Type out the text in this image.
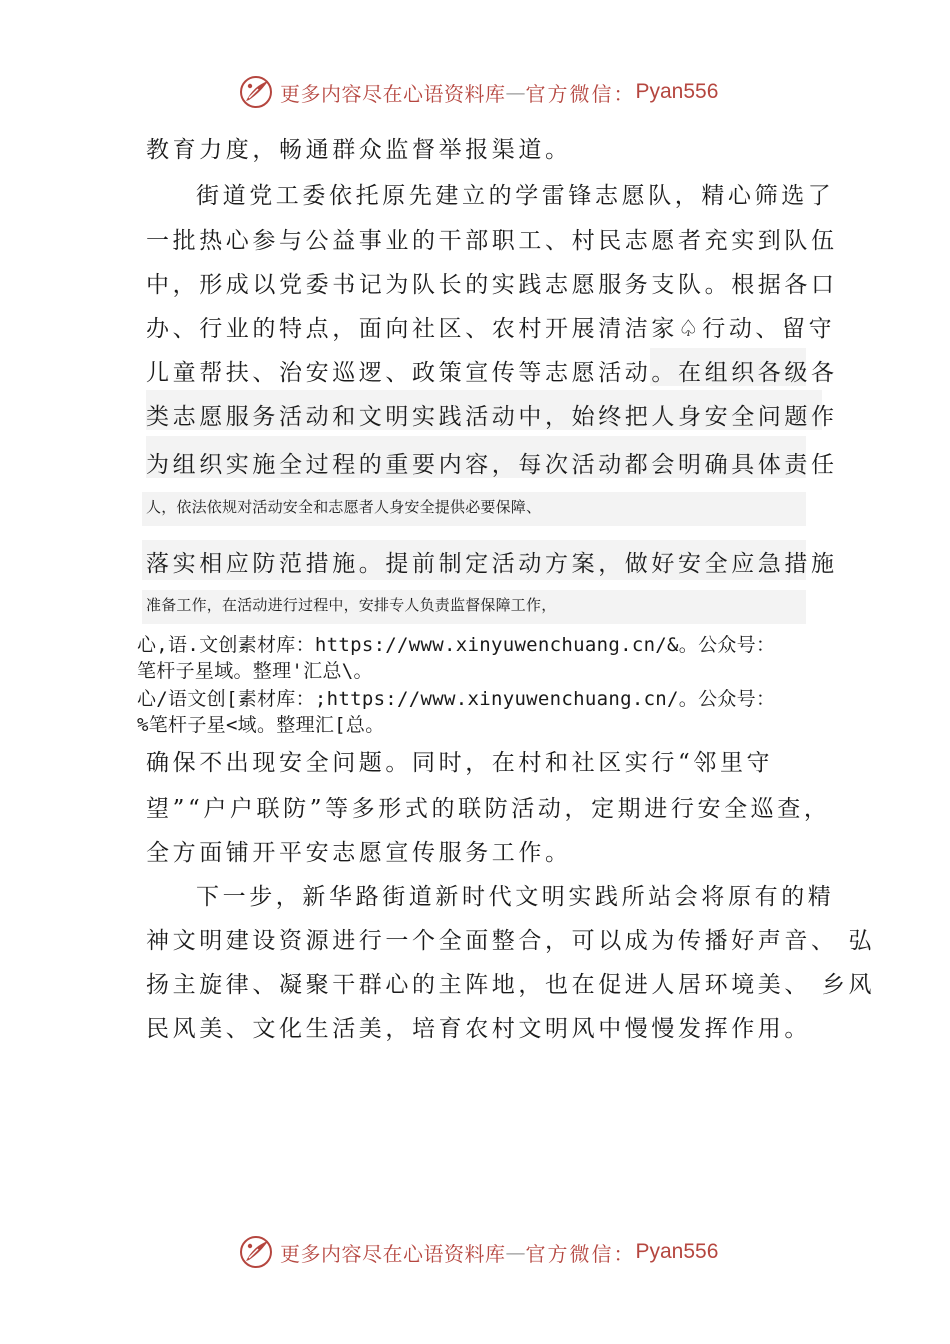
更多内容尽在心语资料库 — 官方微信： Pyan556
教育力度，畅通群众监督举报渠道。
街道党工委依托原先建立的学雷锋志愿队，精心筛选了
一批热心参与公益事业的干部职工、村民志愿者充实到队伍
中，形成以党委书记为队长的实践志愿服务支队。根据各口
办、行业的特点，面向社区、农村开展清洁家♤行动、留守
儿童帮扶、治安巡逻、政策宣传等志愿活动。在组织各级各
类志愿服务活动和文明实践活动中，始终把人身安全问题作
为组织实施全过程的重要内容，每次活动都会明确具体责任
人，依法依规对活动安全和志愿者人身安全提供必要保障、
落实相应防范措施。提前制定活动方案，做好安全应急措施
准备工作，在活动进行过程中，安排专人负责监督保障工作，
心,语.文创素材库：https://www.xinyuwenchuang.cn/&。公众号：
笔杆子星域。整理'汇总\。
心/语文创[素材库：;https://www.xinyuwenchuang.cn/。公众号：
%笔杆子星<域。整理汇[总。
确保不出现安全问题。同时，在村和社区实行“邻里守
望”“户户联防”等多形式的联防活动，定期进行安全巡查，
全方面铺开平安志愿宣传服务工作。
下一步，新华路街道新时代文明实践所站会将原有的精
神文明建设资源进行一个全面整合，可以成为传播好声音、 弘
扬主旋律、凝聚干群心的主阵地，也在促进人居环境美、 乡风
民风美、文化生活美，培育农村文明风中慢慢发挥作用。
更多内容尽在心语资料库 — 官方微信： Pyan556
